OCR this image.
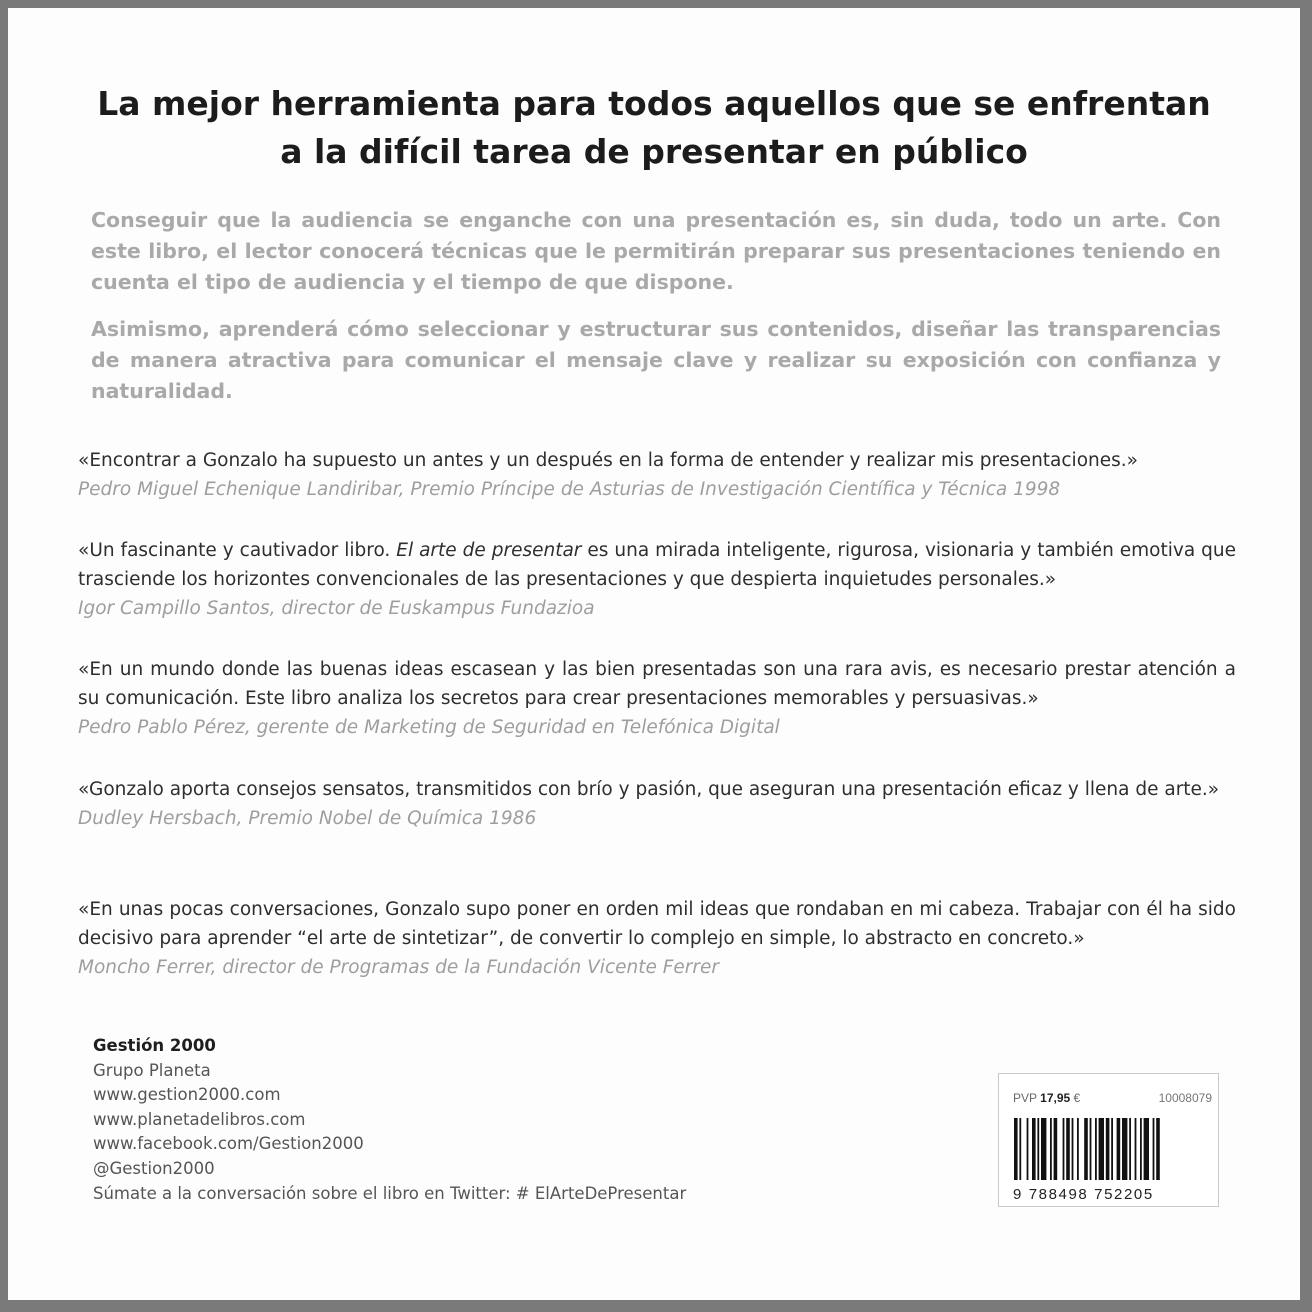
La mejor herramienta para todos aquellos que se enfrentan
a la difícil tarea de presentar en público

Conseguir que la audiencia se enganche con una presentación es, sin duda, todo un arte. Con este libro, el lector conocerá técnicas que le permitirán preparar sus presentaciones teniendo en cuenta el tipo de audiencia y el tiempo de que dispone.

Asimismo, aprenderá cómo seleccionar y estructurar sus contenidos, diseñar las transparencias de manera atractiva para comunicar el mensaje clave y realizar su exposición con confianza y naturalidad.

«Encontrar a Gonzalo ha supuesto un antes y un después en la forma de entender y realizar mis presentaciones.»

Pedro Miguel Echenique Landiribar, Premio Príncipe de Asturias de Investigación Científica y Técnica 1998

«Un fascinante y cautivador libro. El arte de presentar es una mirada inteligente, rigurosa, visionaria y también emotiva que trasciende los horizontes convencionales de las presentaciones y que despierta inquietudes personales.»

Igor Campillo Santos, director de Euskampus Fundazioa

«En un mundo donde las buenas ideas escasean y las bien presentadas son una rara avis, es necesario prestar atención a su comunicación. Este libro analiza los secretos para crear presentaciones memorables y persuasivas.»

Pedro Pablo Pérez, gerente de Marketing de Seguridad en Telefónica Digital

«Gonzalo aporta consejos sensatos, transmitidos con brío y pasión, que aseguran una presentación eficaz y llena de arte.»

Dudley Hersbach, Premio Nobel de Química 1986

«En unas pocas conversaciones, Gonzalo supo poner en orden mil ideas que rondaban en mi cabeza. Trabajar con él ha sido decisivo para aprender “el arte de sintetizar”, de convertir lo complejo en simple, lo abstracto en concreto.»

Moncho Ferrer, director de Programas de la Fundación Vicente Ferrer

Gestión 2000
Grupo Planeta
www.gestion2000.com
www.planetadelibros.com
www.facebook.com/Gestion2000
@Gestion2000
Súmate a la conversación sobre el libro en Twitter: # ElArteDePresentar
PVP 17,95 €	10008079
9 788498 752205
